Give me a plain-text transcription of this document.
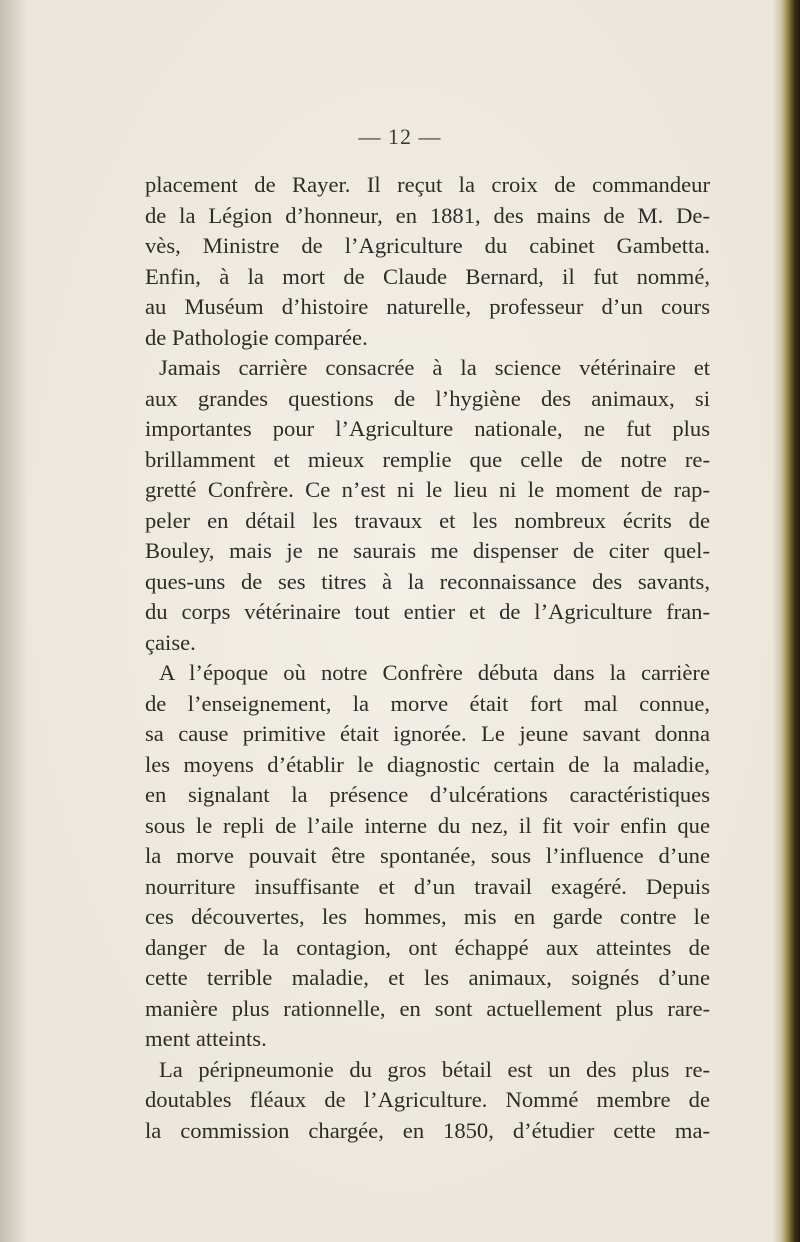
— 12 —
placement de Rayer. Il reçut la croix de commandeur
de la Légion d’honneur, en 1881, des mains de M. De-
vès, Ministre de l’Agriculture du cabinet Gambetta.
Enfin, à la mort de Claude Bernard, il fut nommé,
au Muséum d’histoire naturelle, professeur d’un cours
de Pathologie comparée.
Jamais carrière consacrée à la science vétérinaire et
aux grandes questions de l’hygiène des animaux, si
importantes pour l’Agriculture nationale, ne fut plus
brillamment et mieux remplie que celle de notre re-
gretté Confrère. Ce n’est ni le lieu ni le moment de rap-
peler en détail les travaux et les nombreux écrits de
Bouley, mais je ne saurais me dispenser de citer quel-
ques-uns de ses titres à la reconnaissance des savants,
du corps vétérinaire tout entier et de l’Agriculture fran-
çaise.
A l’époque où notre Confrère débuta dans la carrière
de l’enseignement, la morve était fort mal connue,
sa cause primitive était ignorée. Le jeune savant donna
les moyens d’établir le diagnostic certain de la maladie,
en signalant la présence d’ulcérations caractéristiques
sous le repli de l’aile interne du nez, il fit voir enfin que
la morve pouvait être spontanée, sous l’influence d’une
nourriture insuffisante et d’un travail exagéré. Depuis
ces découvertes, les hommes, mis en garde contre le
danger de la contagion, ont échappé aux atteintes de
cette terrible maladie, et les animaux, soignés d’une
manière plus rationnelle, en sont actuellement plus rare-
ment atteints.
La péripneumonie du gros bétail est un des plus re-
doutables fléaux de l’Agriculture. Nommé membre de
la commission chargée, en 1850, d’étudier cette ma-
